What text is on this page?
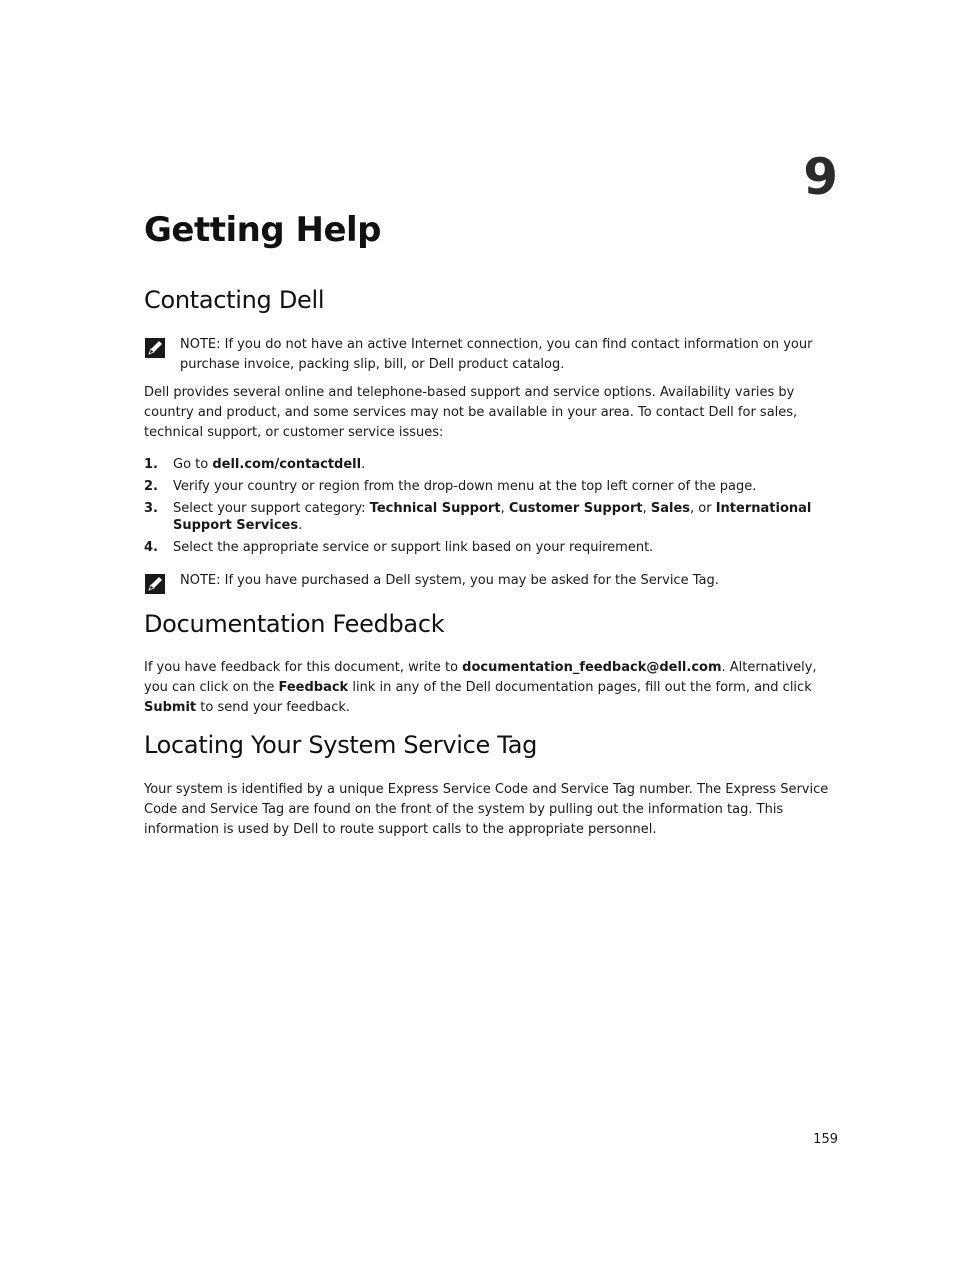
9
Getting Help
Contacting Dell
NOTE: If you do not have an active Internet connection, you can find contact information on your purchase invoice, packing slip, bill, or Dell product catalog.

Dell provides several online and telephone-based support and service options. Availability varies by country and product, and some services may not be available in your area. To contact Dell for sales, technical support, or customer service issues:

1.	Go to dell.com/contactdell.
2.	Verify your country or region from the drop-down menu at the top left corner of the page.
3.	Select your support category: Technical Support, Customer Support, Sales, or International Support Services.
4.	Select the appropriate service or support link based on your requirement.
NOTE: If you have purchased a Dell system, you may be asked for the Service Tag.
Documentation Feedback

If you have feedback for this document, write to documentation_feedback@dell.com. Alternatively, you can click on the Feedback link in any of the Dell documentation pages, fill out the form, and click Submit to send your feedback.

Locating Your System Service Tag

Your system is identified by a unique Express Service Code and Service Tag number. The Express Service Code and Service Tag are found on the front of the system by pulling out the information tag. This information is used by Dell to route support calls to the appropriate personnel.

159
